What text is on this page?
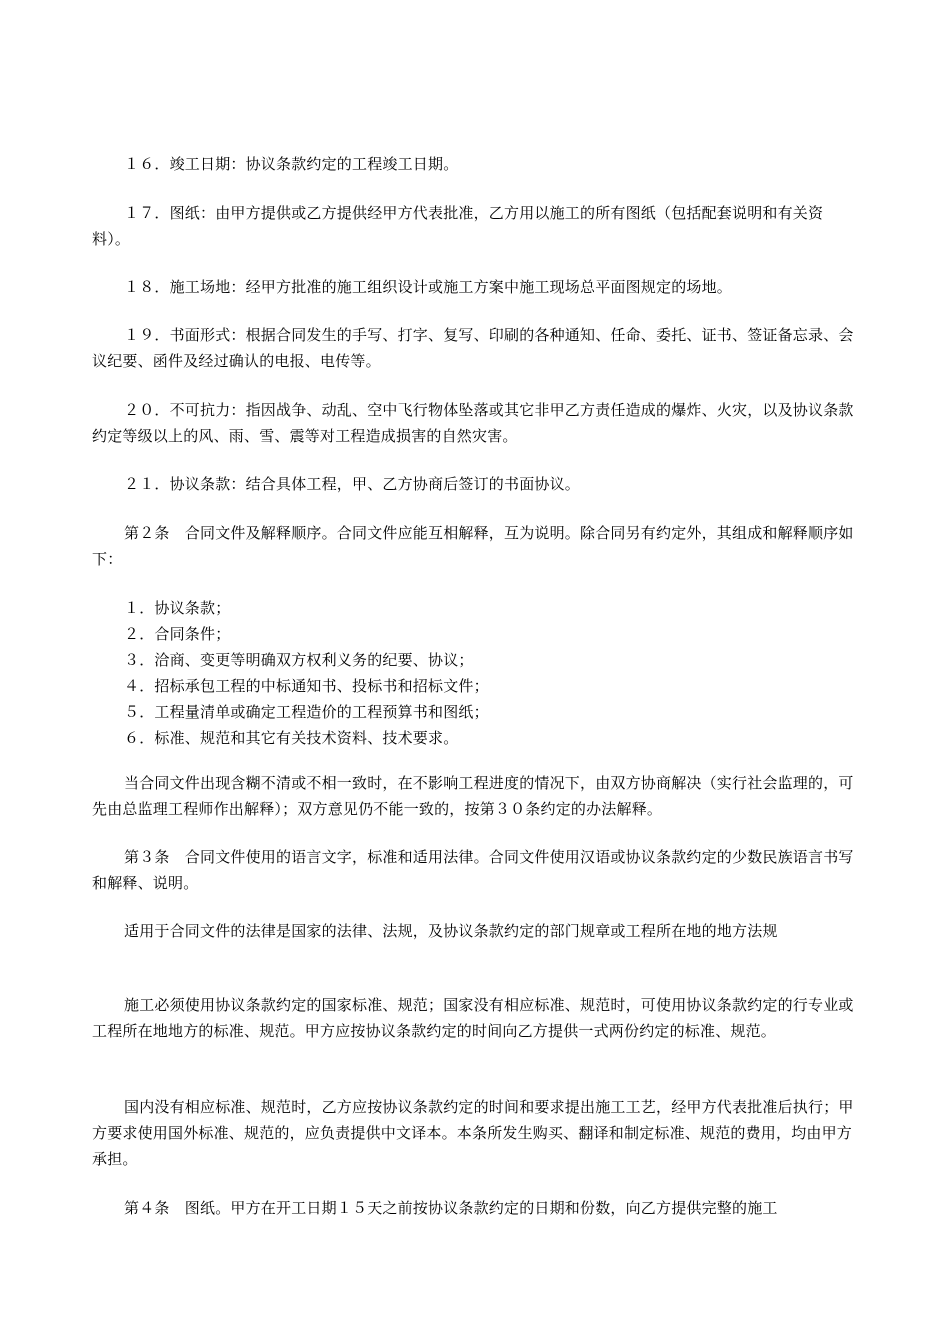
１６．竣工日期：协议条款约定的工程竣工日期。

１７．图纸：由甲方提供或乙方提供经甲方代表批准，乙方用以施工的所有图纸（包括配套说明和有关资料）。

１８．施工场地：经甲方批准的施工组织设计或施工方案中施工现场总平面图规定的场地。

１９．书面形式：根据合同发生的手写、打字、复写、印刷的各种通知、任命、委托、证书、签证备忘录、会议纪要、函件及经过确认的电报、电传等。

２０．不可抗力：指因战争、动乱、空中飞行物体坠落或其它非甲乙方责任造成的爆炸、火灾，以及协议条款约定等级以上的风、雨、雪、震等对工程造成损害的自然灾害。

２１．协议条款：结合具体工程，甲、乙方协商后签订的书面协议。

第２条　合同文件及解释顺序。合同文件应能互相解释，互为说明。除合同另有约定外，其组成和解释顺序如下：

１．协议条款；
２．合同条件；
３．洽商、变更等明确双方权利义务的纪要、协议；
４．招标承包工程的中标通知书、投标书和招标文件；
５．工程量清单或确定工程造价的工程预算书和图纸；
６．标准、规范和其它有关技术资料、技术要求。

当合同文件出现含糊不清或不相一致时，在不影响工程进度的情况下，由双方协商解决（实行社会监理的，可先由总监理工程师作出解释）；双方意见仍不能一致的，按第３０条约定的办法解释。

第３条　合同文件使用的语言文字，标准和适用法律。合同文件使用汉语或协议条款约定的少数民族语言书写和解释、说明。

适用于合同文件的法律是国家的法律、法规，及协议条款约定的部门规章或工程所在地的地方法规

施工必须使用协议条款约定的国家标准、规范；国家没有相应标准、规范时，可使用协议条款约定的行专业或工程所在地地方的标准、规范。甲方应按协议条款约定的时间向乙方提供一式两份约定的标准、规范。

国内没有相应标准、规范时，乙方应按协议条款约定的时间和要求提出施工工艺，经甲方代表批准后执行；甲方要求使用国外标准、规范的，应负责提供中文译本。本条所发生购买、翻译和制定标准、规范的费用，均由甲方承担。

第４条　图纸。甲方在开工日期１５天之前按协议条款约定的日期和份数，向乙方提供完整的施工
